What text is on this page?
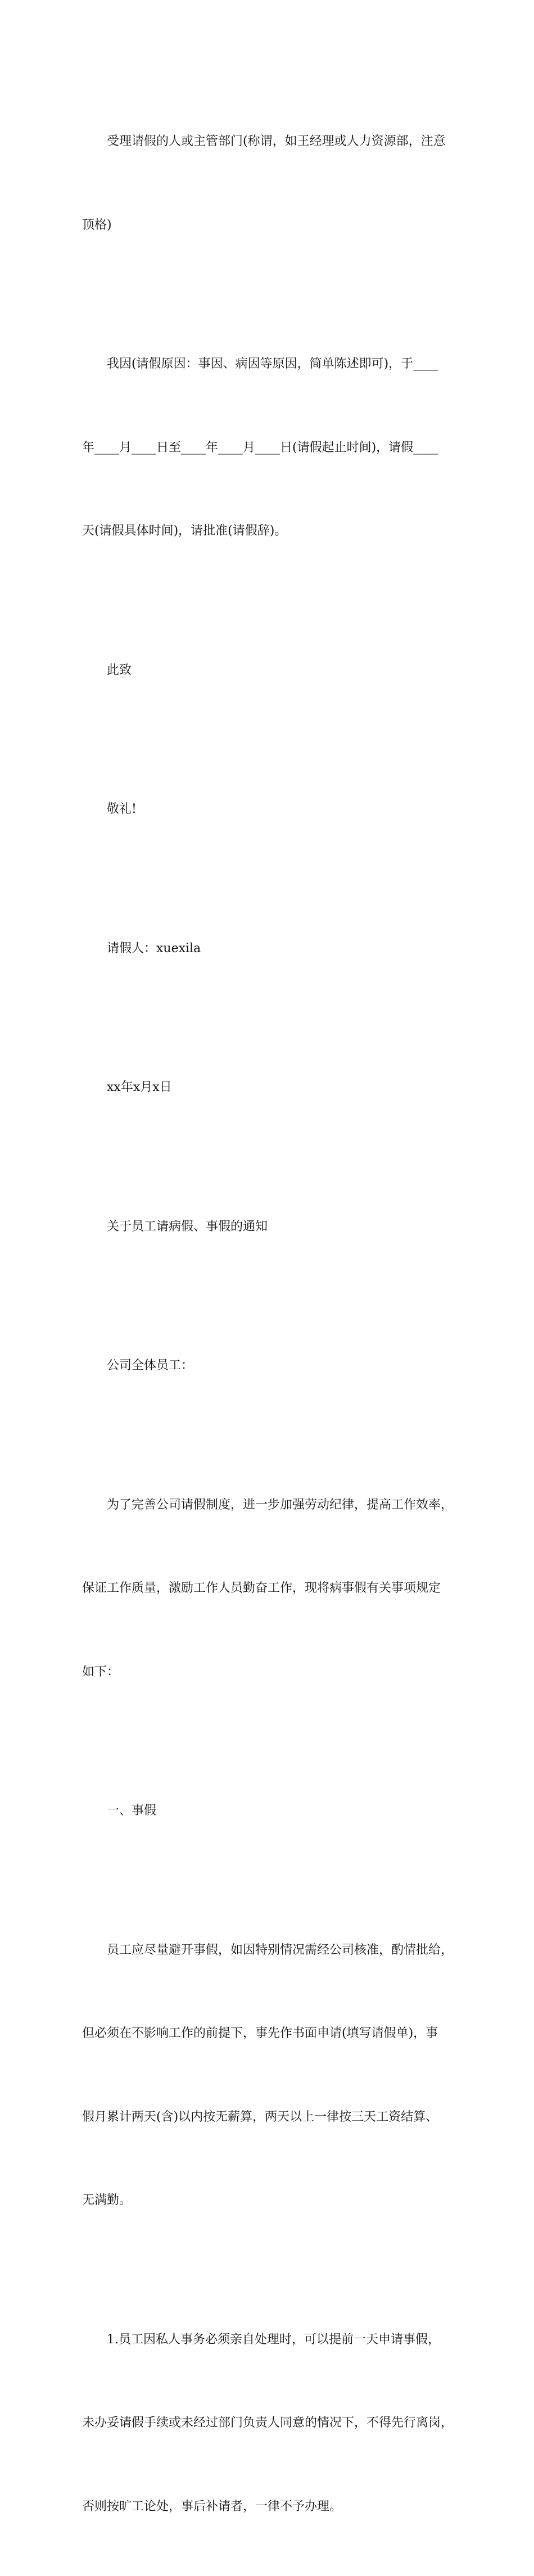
受理请假的人或主管部门(称谓，如王经理或人力资源部，注意

顶格)

我因(请假原因：事因、病因等原因，简单陈述即可)，于____

年____月____日至____年____月____日(请假起止时间)，请假____

天(请假具体时间)，请批准(请假辞)。

此致

敬礼!

请假人：xuexila

xx年x月x日

关于员工请病假、事假的通知

公司全体员工：

为了完善公司请假制度，进一步加强劳动纪律，提高工作效率，

保证工作质量，激励工作人员勤奋工作，现将病事假有关事项规定

如下：

一、事假

员工应尽量避开事假，如因特别情况需经公司核准，酌情批给，

但必须在不影响工作的前提下，事先作书面申请(填写请假单)，事

假月累计两天(含)以内按无薪算，两天以上一律按三天工资结算、

无满勤。

1.员工因私人事务必须亲自处理时，可以提前一天申请事假，

未办妥请假手续或未经过部门负责人同意的情况下，不得先行离岗，

否则按旷工论处，事后补请者，一律不予办理。
